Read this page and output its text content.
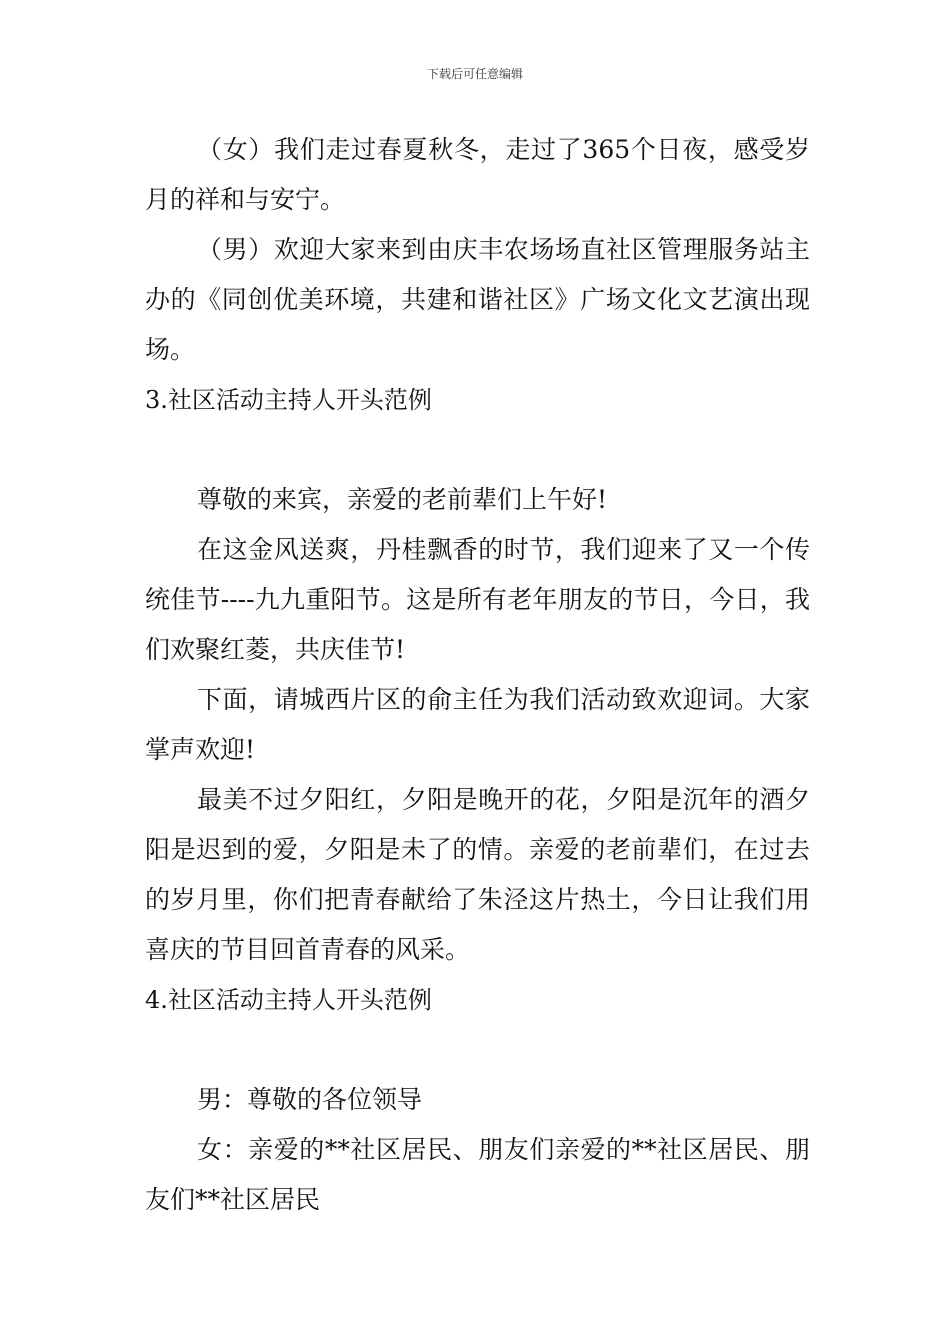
下载后可任意编辑

（女）我们走过春夏秋冬，走过了365个日夜，感受岁月的祥和与安宁。

（男）欢迎大家来到由庆丰农场场直社区管理服务站主办的《同创优美环境，共建和谐社区》广场文化文艺演出现场。

3.社区活动主持人开头范例

尊敬的来宾，亲爱的老前辈们上午好!

在这金风送爽，丹桂飘香的时节，我们迎来了又一个传统佳节----九九重阳节。这是所有老年朋友的节日，今日，我们欢聚红菱，共庆佳节!

下面，请城西片区的俞主任为我们活动致欢迎词。大家掌声欢迎!

最美不过夕阳红，夕阳是晚开的花，夕阳是沉年的酒夕阳是迟到的爱，夕阳是未了的情。亲爱的老前辈们，在过去的岁月里，你们把青春献给了朱泾这片热土，今日让我们用喜庆的节目回首青春的风采。

4.社区活动主持人开头范例

男：尊敬的各位领导

女：亲爱的**社区居民、朋友们亲爱的**社区居民、朋友们**社区居民
